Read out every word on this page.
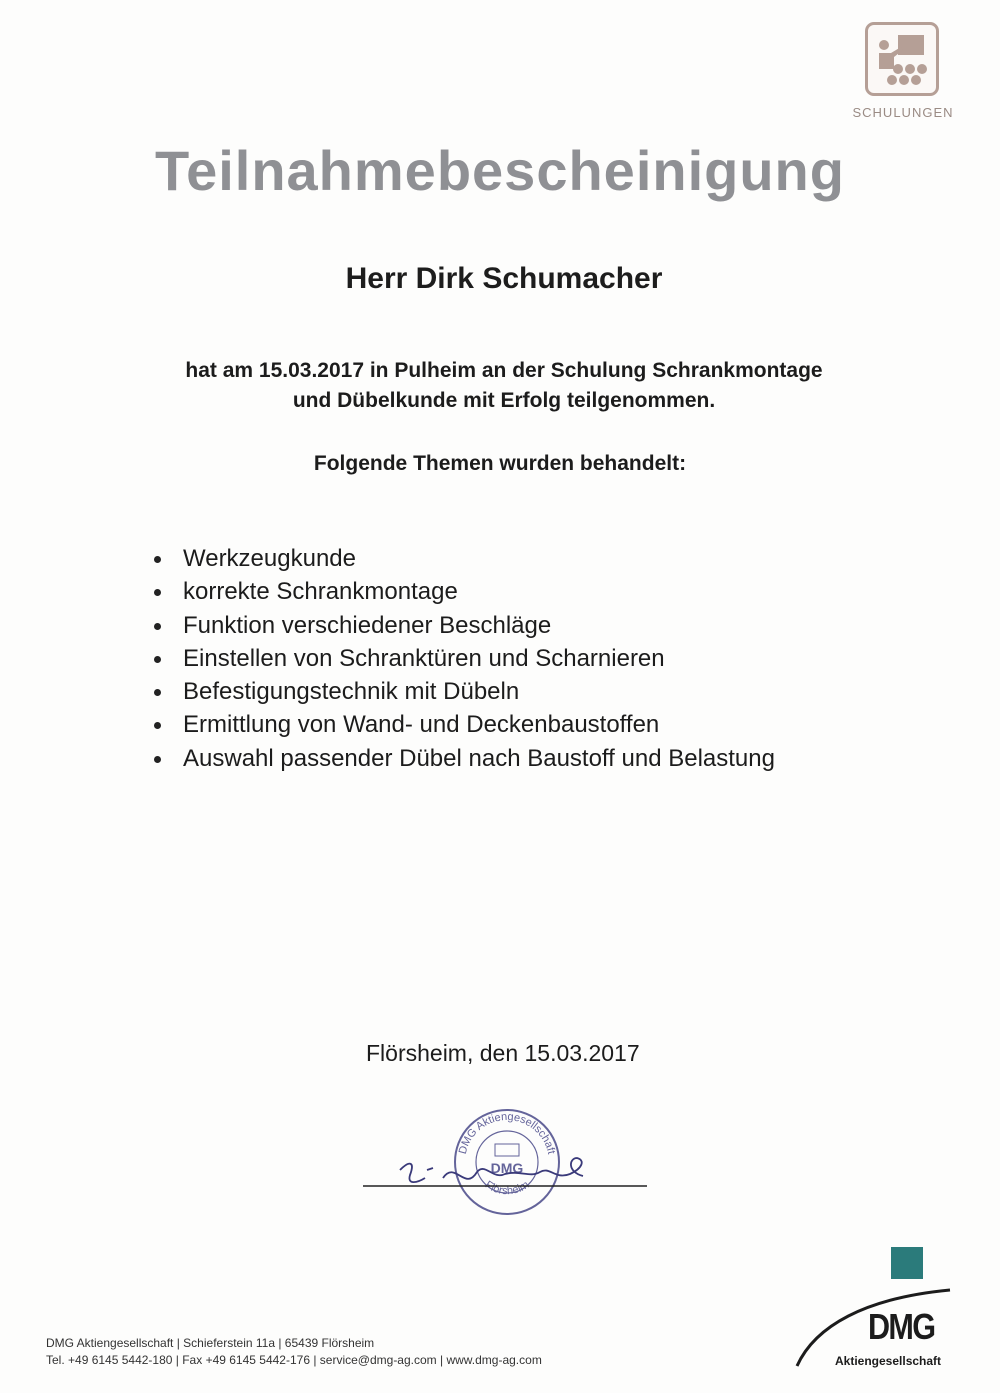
SCHULUNGEN
Teilnahmebescheinigung
Herr Dirk Schumacher
hat am 15.03.2017 in Pulheim an der Schulung Schrankmontage
und Dübelkunde mit Erfolg teilgenommen.
Folgende Themen wurden behandelt:
Werkzeugkunde
korrekte Schrankmontage
Funktion verschiedener Beschläge
Einstellen von Schranktüren und Scharnieren
Befestigungstechnik mit Dübeln
Ermittlung von Wand- und Deckenbaustoffen
Auswahl passender Dübel nach Baustoff und Belastung
Flörsheim, den 15.03.2017
DMG Aktiengesellschaft
DMG
Flörsheim
DMG
Aktiengesellschaft
DMG Aktiengesellschaft | Schieferstein 11a | 65439 Flörsheim
Tel. +49 6145 5442-180 | Fax +49 6145 5442-176 | service@dmg-ag.com | www.dmg-ag.com
